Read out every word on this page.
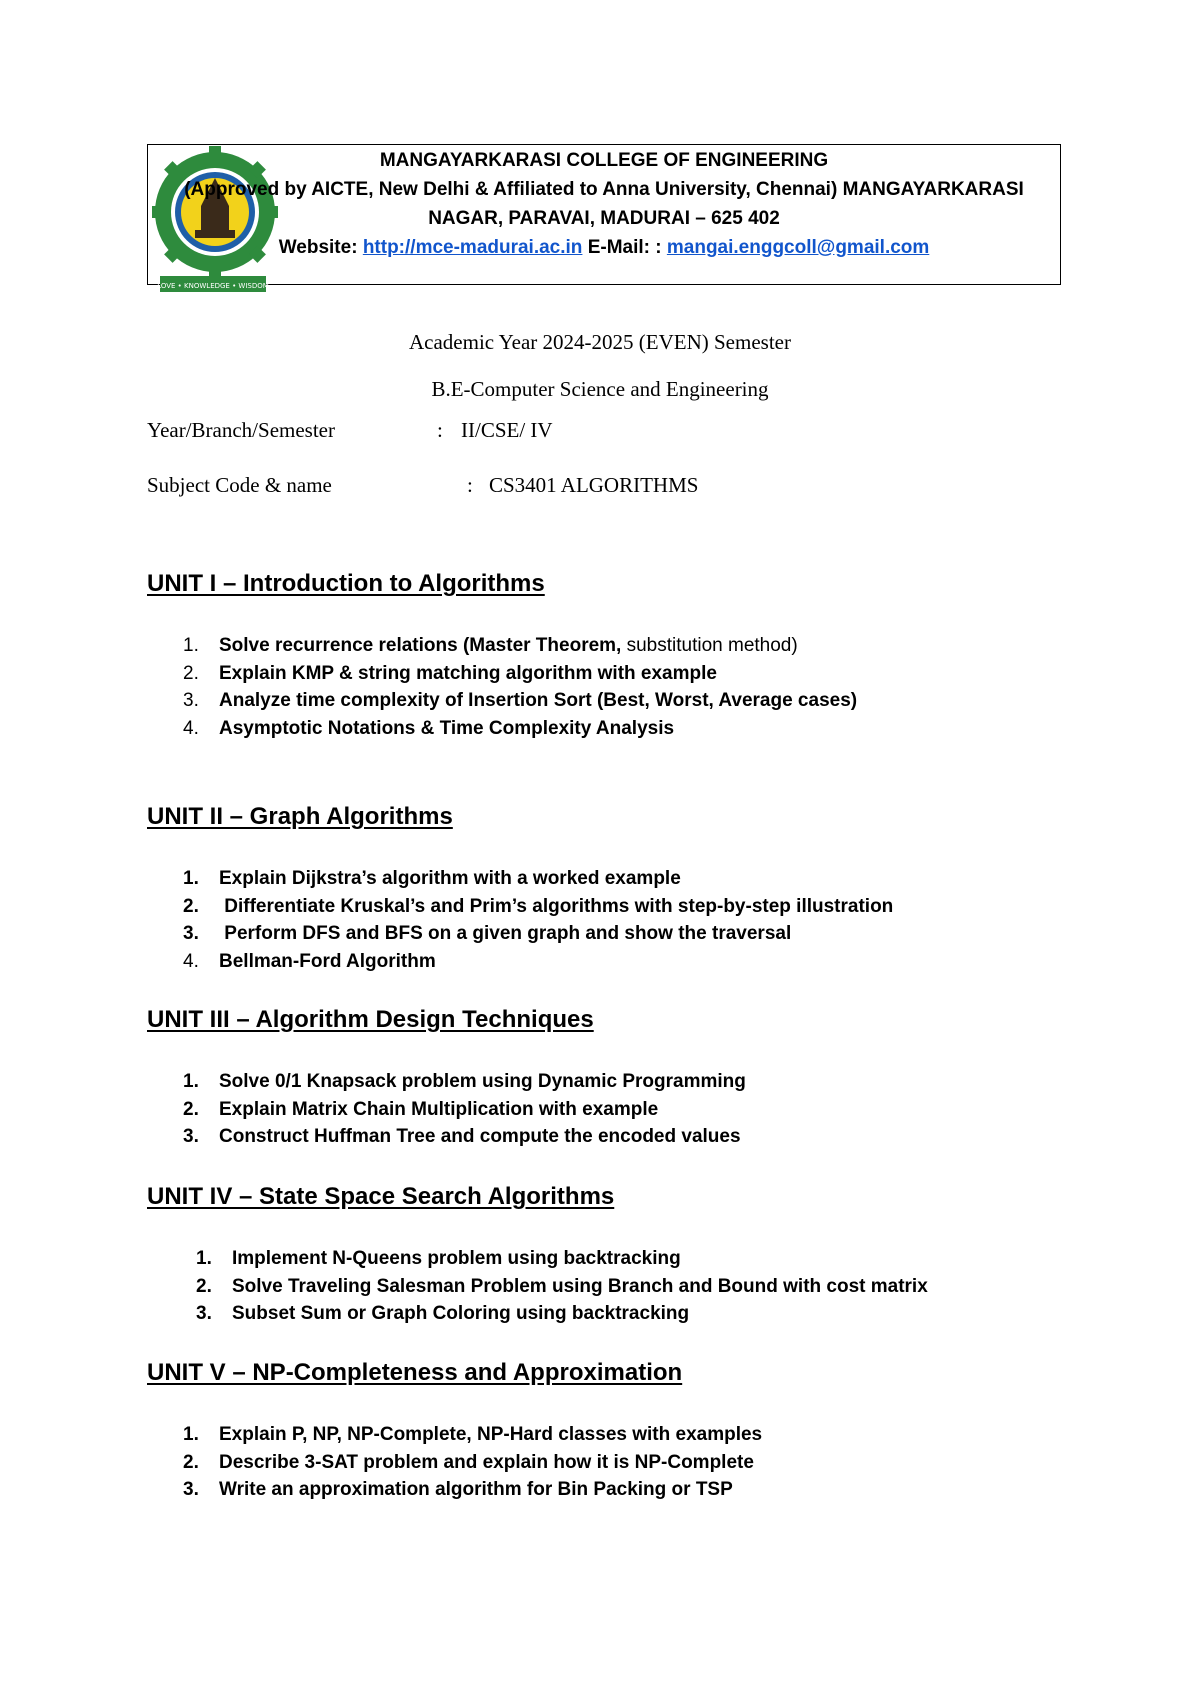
LOVE • KNOWLEDGE • WISDOM
MANGAYARKARASI COLLEGE OF ENGINEERING
(Approved by AICTE, New Delhi & Affiliated to Anna University, Chennai) MANGAYARKARASI
NAGAR, PARAVAI, MADURAI – 625 402
Website: http://mce-madurai.ac.in E-Mail: : mangai.enggcoll@gmail.com
Academic Year 2024-2025 (EVEN) Semester
B.E-Computer Science and Engineering
Year/Branch/Semester	: II/CSE/ IV
Subject Code & name	: CS3401 ALGORITHMS
UNIT I – Introduction to Algorithms
1. Solve recurrence relations (Master Theorem, substitution method)
2. Explain KMP & string matching algorithm with example
3. Analyze time complexity of Insertion Sort (Best, Worst, Average cases)
4. Asymptotic Notations & Time Complexity Analysis
UNIT II – Graph Algorithms
1. Explain Dijkstra’s algorithm with a worked example
2. Differentiate Kruskal’s and Prim’s algorithms with step-by-step illustration
3. Perform DFS and BFS on a given graph and show the traversal
4. Bellman-Ford Algorithm
UNIT III – Algorithm Design Techniques
1. Solve 0/1 Knapsack problem using Dynamic Programming
2. Explain Matrix Chain Multiplication with example
3. Construct Huffman Tree and compute the encoded values
UNIT IV – State Space Search Algorithms
1. Implement N-Queens problem using backtracking
2. Solve Traveling Salesman Problem using Branch and Bound with cost matrix
3. Subset Sum or Graph Coloring using backtracking
UNIT V – NP-Completeness and Approximation
1. Explain P, NP, NP-Complete, NP-Hard classes with examples
2. Describe 3-SAT problem and explain how it is NP-Complete
3. Write an approximation algorithm for Bin Packing or TSP
